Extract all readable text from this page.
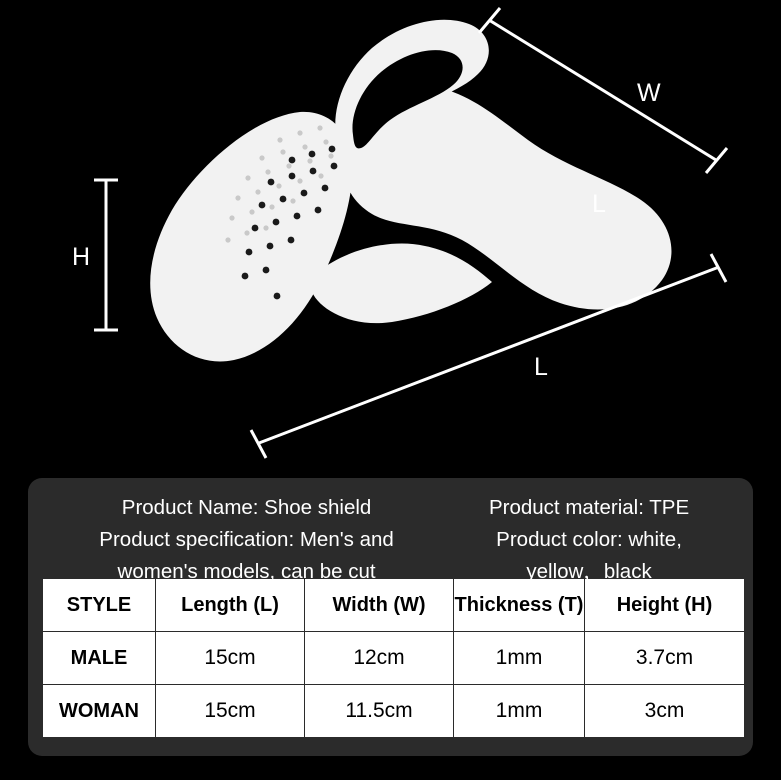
L
H
W
L
Product Name: Shoe shield
Product specification: Men's and
women's models, can be cut
Product material: TPE
Product color: white,
yellow，black
STYLE	Length (L)	Width (W)	Thickness (T)	Height (H)
MALE	15cm	12cm	1mm	3.7cm
WOMAN	15cm	11.5cm	1mm	3cm
